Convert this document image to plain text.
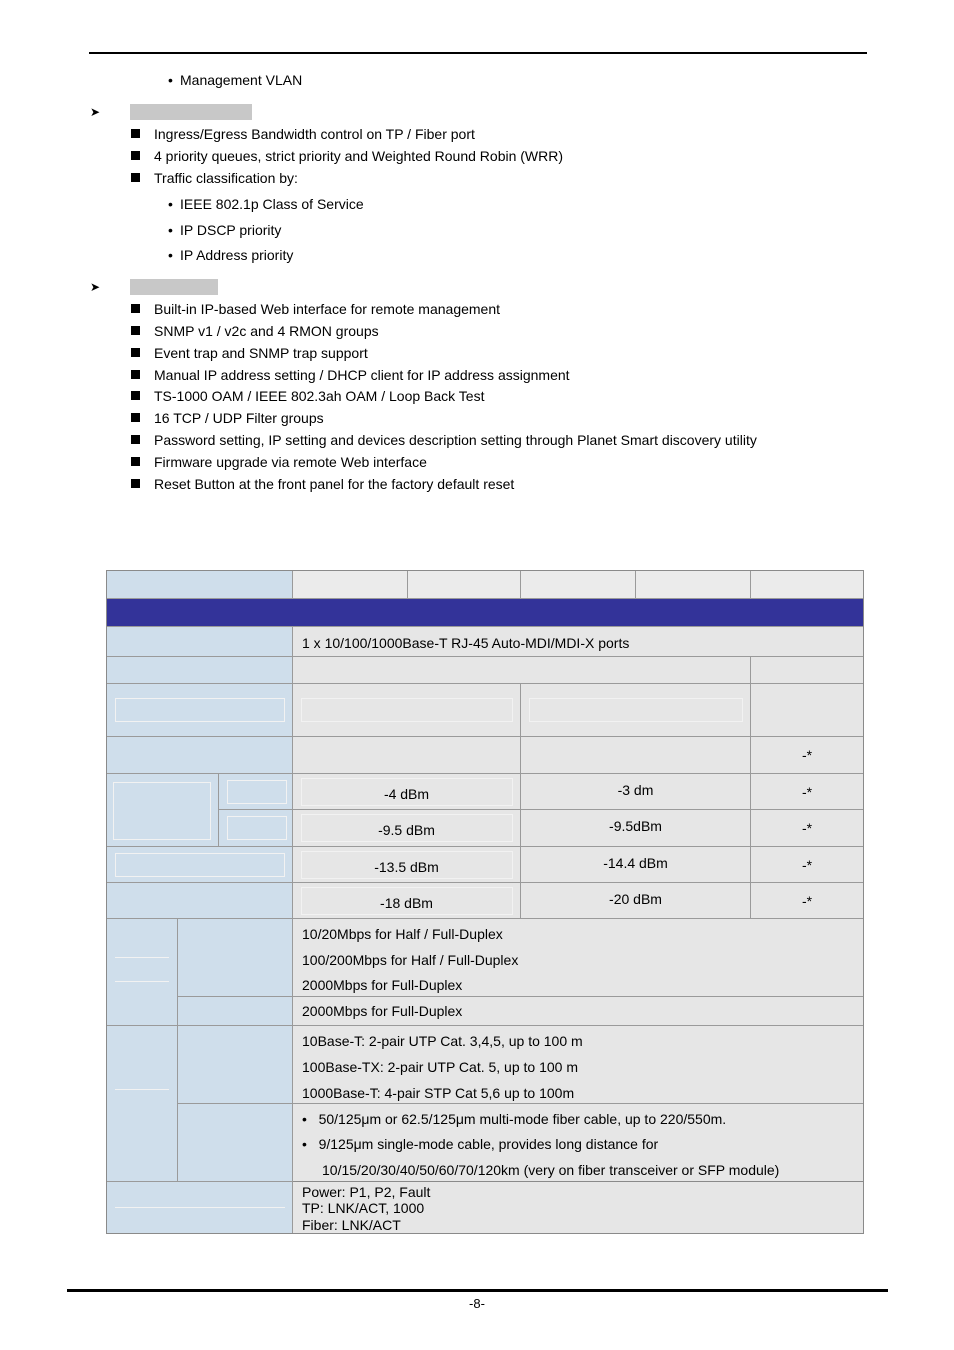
• Management VLAN
➤
Ingress/Egress Bandwidth control on TP / Fiber port
4 priority queues, strict priority and Weighted Round Robin (WRR)
Traffic classification by:
• IEEE 802.1p Class of Service
• IP DSCP priority
• IP Address priority
➤
Built-in IP-based Web interface for remote management
SNMP v1 / v2c and 4 RMON groups
Event trap and SNMP trap support
Manual IP address setting / DHCP client for IP address assignment
TS-1000 OAM / IEEE 802.3ah OAM / Loop Back Test
16 TCP / UDP Filter groups
Password setting, IP setting and devices description setting through Planet Smart discovery utility
Firmware upgrade via remote Web interface
Reset Button at the front panel for the factory default reset
1 x 10/100/1000Base-T RJ-45 Auto-MDI/MDI-X ports
-*
-4 dBm	-3 dm	-*
-9.5 dBm	-9.5dBm	-*
-13.5 dBm	-14.4 dBm	-*
-18 dBm	-20 dBm	-*
10/20Mbps for Half / Full-Duplex
100/200Mbps for Half / Full-Duplex
2000Mbps for Full-Duplex
2000Mbps for Full-Duplex
10Base-T: 2-pair UTP Cat. 3,4,5, up to 100 m
100Base-TX: 2-pair UTP Cat. 5, up to 100 m
1000Base-T: 4-pair STP Cat 5,6 up to 100m
•   50/125μm or 62.5/125μm multi-mode fiber cable, up to 220/550m.
•   9/125μm single-mode cable, provides long distance for
10/15/20/30/40/50/60/70/120km (very on fiber transceiver or SFP module)
Power: P1, P2, Fault
TP: LNK/ACT, 1000
Fiber: LNK/ACT
-8-
